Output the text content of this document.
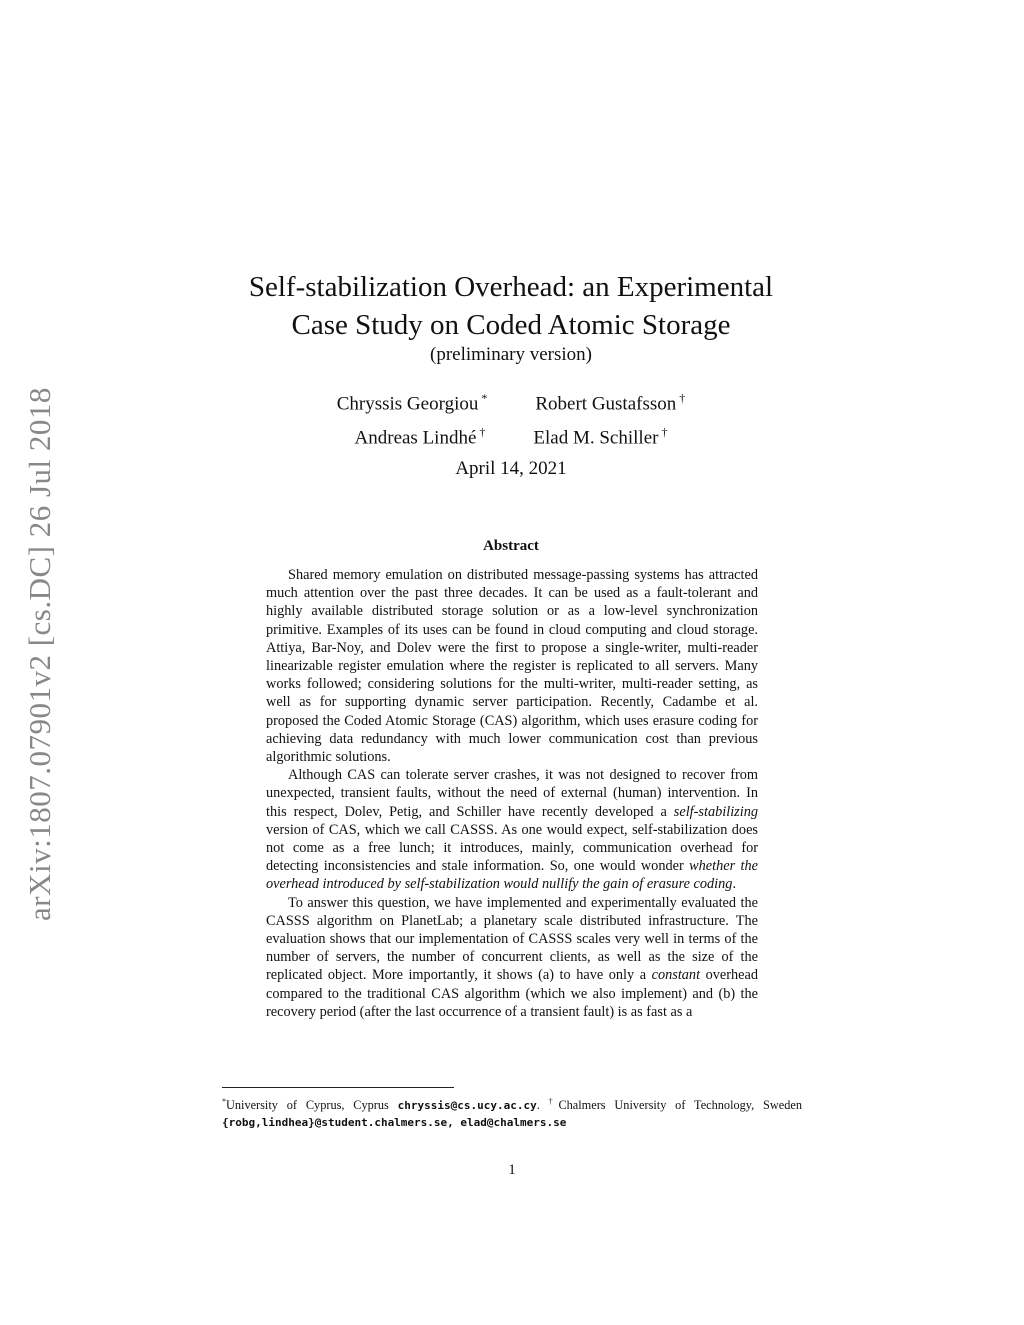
arXiv:1807.07901v2 [cs.DC] 26 Jul 2018
Self-stabilization Overhead: an Experimental
Case Study on Coded Atomic Storage
(preliminary version)
Chryssis Georgiou *	Robert Gustafsson †
Andreas Lindhé †	Elad M. Schiller †
April 14, 2021
Abstract

Shared memory emulation on distributed message-passing systems has attracted much attention over the past three decades. It can be used as a fault-tolerant and highly available distributed storage solution or as a low-level synchronization primitive. Examples of its uses can be found in cloud computing and cloud storage. Attiya, Bar-Noy, and Dolev were the first to propose a single-writer, multi-reader linearizable register emulation where the register is replicated to all servers. Many works followed; considering solutions for the multi-writer, multi-reader setting, as well as for supporting dynamic server participation. Recently, Cadambe et al. proposed the Coded Atomic Storage (CAS) algorithm, which uses erasure coding for achieving data redundancy with much lower communication cost than previous algorithmic solutions.

Although CAS can tolerate server crashes, it was not designed to recover from unexpected, transient faults, without the need of external (human) intervention. In this respect, Dolev, Petig, and Schiller have recently developed a self-stabilizing version of CAS, which we call CASSS. As one would expect, self-stabilization does not come as a free lunch; it introduces, mainly, communication overhead for detecting inconsistencies and stale information. So, one would wonder whether the overhead introduced by self-stabilization would nullify the gain of erasure coding.

To answer this question, we have implemented and experimentally evaluated the CASSS algorithm on PlanetLab; a planetary scale distributed infrastructure. The evaluation shows that our implementation of CASSS scales very well in terms of the number of servers, the number of concurrent clients, as well as the size of the replicated object. More importantly, it shows (a) to have only a constant overhead compared to the traditional CAS algorithm (which we also implement) and (b) the recovery period (after the last occurrence of a transient fault) is as fast as a

*University of Cyprus, Cyprus chryssis@cs.ucy.ac.cy. †Chalmers University of Technology, Sweden {robg,lindhea}@student.chalmers.se, elad@chalmers.se
1
